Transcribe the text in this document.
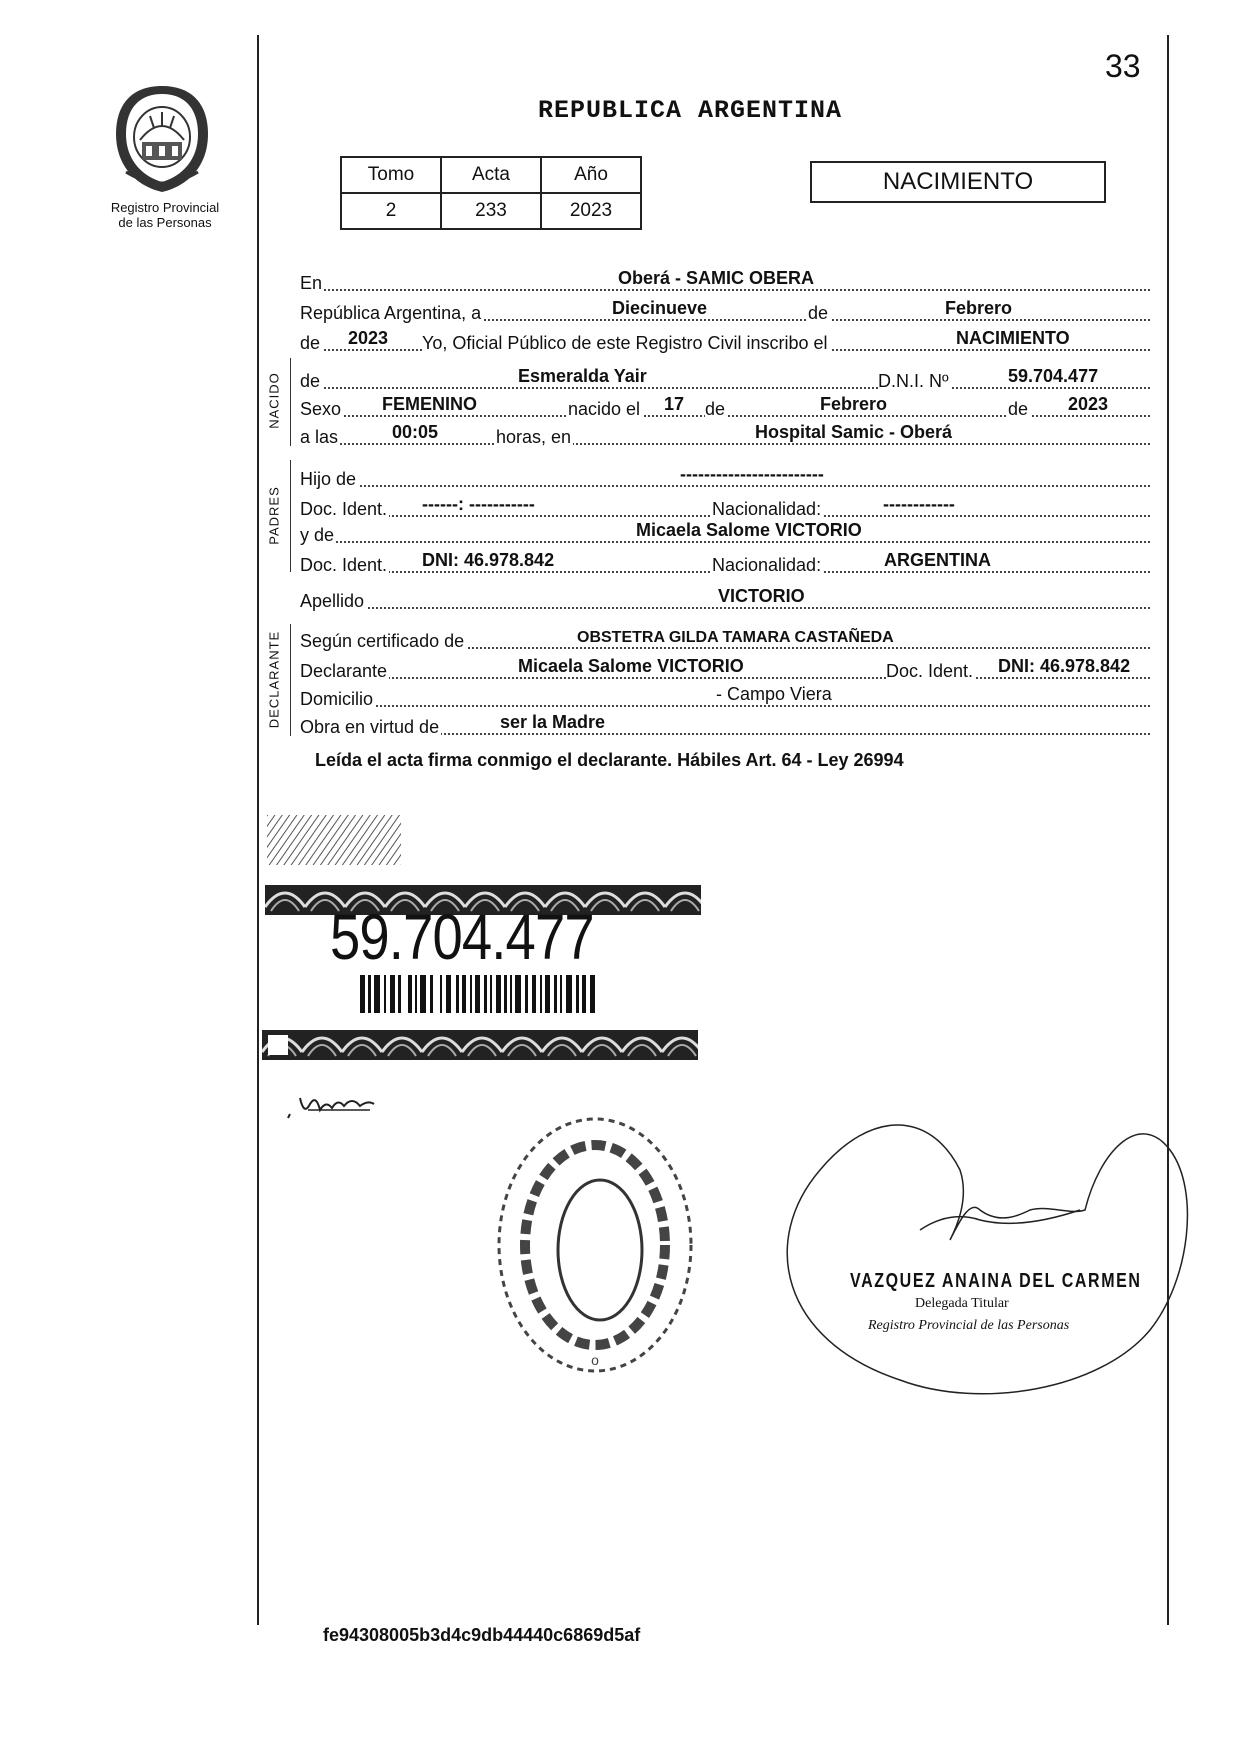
33
Registro Provincial
de las Personas
REPUBLICA ARGENTINA
Tomo	Acta	Año
2	233	2023
NACIMIENTO
En	Oberá - SAMIC OBERA
República Argentina, a	Diecinueve	de	Febrero
de 2023 Yo, Oficial Público de este Registro Civil inscribo el	NACIMIENTO
NACIDO de	Esmeralda Yair	D.N.I. Nº	59.704.477
Sexo FEMENINO	nacido el 17 de	Febrero	de 2023
a las	00:05	horas, en	Hospital Samic - Oberá
PADRES
Hijo de	------------------------
Doc. Ident. ------: -----------	Nacionalidad:	------------
y de	Micaela Salome VICTORIO
Doc. Ident. DNI: 46.978.842	Nacionalidad:	ARGENTINA
Apellido	VICTORIO
DECLARANTE Según certificado de	OBSTETRA GILDA TAMARA CASTAÑEDA
Declarante	Micaela Salome VICTORIO	Doc. Ident. DNI: 46.978.842
Domicilio	- Campo Viera
Obra en virtud de	ser la Madre
Leída el acta firma conmigo el declarante. Hábiles Art. 64 - Ley 26994
59.704.477
o
VAZQUEZ ANAINA DEL CARMEN
Delegada Titular
Registro Provincial de las Personas
fe94308005b3d4c9db44440c6869d5af
